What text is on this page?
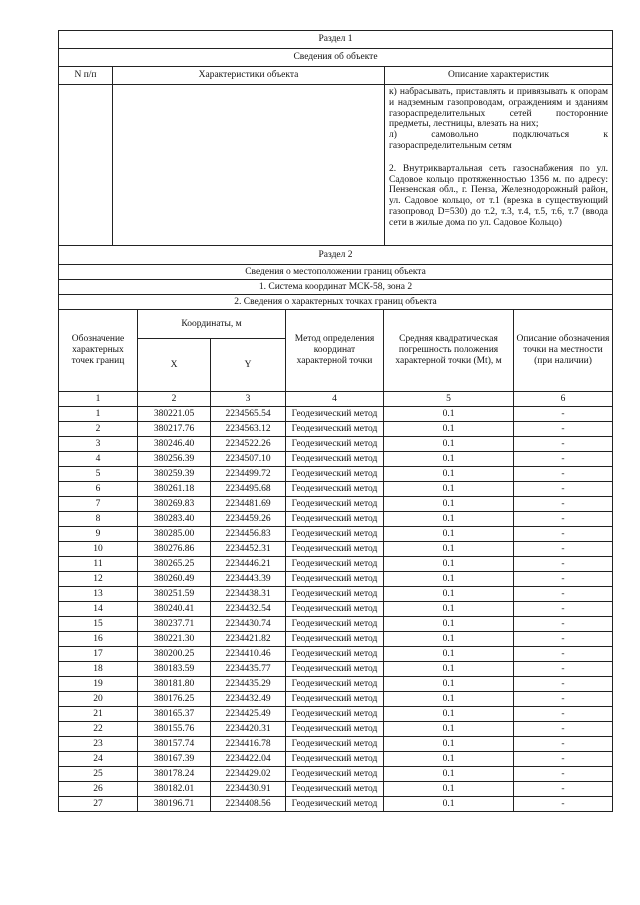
Раздел 1		
Сведения об объекте		
N п/п	Характеристики объекта	Описание характеристик

		к) набрасывать, приставлять и привязывать к опорам и надземным газопроводам, ограждениям и зданиям газораспределительных сетей посторонние предметы, лестницы, влезать на них;

л) самовольно подключаться к газораспределительным сетям

2. Внутриквартальная сеть газоснабжения по ул. Садовое кольцо протяженностью 1356 м. по адресу: Пензенская обл., г. Пенза, Железнодорожный район, ул. Садовое кольцо, от т.1 (врезка в существующий газопровод D=530) до т.2, т.3, т.4, т.5, т.6, т.7 (ввода сети в жилые дома по ул. Садовое Кольцо)

Раздел 2					
Сведения о местоположении границ объекта					
1. Система координат МСК-58, зона 2					
2. Сведения о характерных точках границ объекта					
Обозначение характерных точек границ	Координаты, м		Метод определения координат характерной точки	Средняя квадратическая погрешность положения характерной точки (Mt), м	Описание обозначения точки на местности (при наличии)
	X	Y			
1	2	3	4	5	6
1	380221.05	2234565.54	Геодезический метод	0.1	-
2	380217.76	2234563.12	Геодезический метод	0.1	-
3	380246.40	2234522.26	Геодезический метод	0.1	-
4	380256.39	2234507.10	Геодезический метод	0.1	-
5	380259.39	2234499.72	Геодезический метод	0.1	-
6	380261.18	2234495.68	Геодезический метод	0.1	-
7	380269.83	2234481.69	Геодезический метод	0.1	-
8	380283.40	2234459.26	Геодезический метод	0.1	-
9	380285.00	2234456.83	Геодезический метод	0.1	-
10	380276.86	2234452.31	Геодезический метод	0.1	-
11	380265.25	2234446.21	Геодезический метод	0.1	-
12	380260.49	2234443.39	Геодезический метод	0.1	-
13	380251.59	2234438.31	Геодезический метод	0.1	-
14	380240.41	2234432.54	Геодезический метод	0.1	-
15	380237.71	2234430.74	Геодезический метод	0.1	-
16	380221.30	2234421.82	Геодезический метод	0.1	-
17	380200.25	2234410.46	Геодезический метод	0.1	-
18	380183.59	2234435.77	Геодезический метод	0.1	-
19	380181.80	2234435.29	Геодезический метод	0.1	-
20	380176.25	2234432.49	Геодезический метод	0.1	-
21	380165.37	2234425.49	Геодезический метод	0.1	-
22	380155.76	2234420.31	Геодезический метод	0.1	-
23	380157.74	2234416.78	Геодезический метод	0.1	-
24	380167.39	2234422.04	Геодезический метод	0.1	-
25	380178.24	2234429.02	Геодезический метод	0.1	-
26	380182.01	2234430.91	Геодезический метод	0.1	-
27	380196.71	2234408.56	Геодезический метод	0.1	-
